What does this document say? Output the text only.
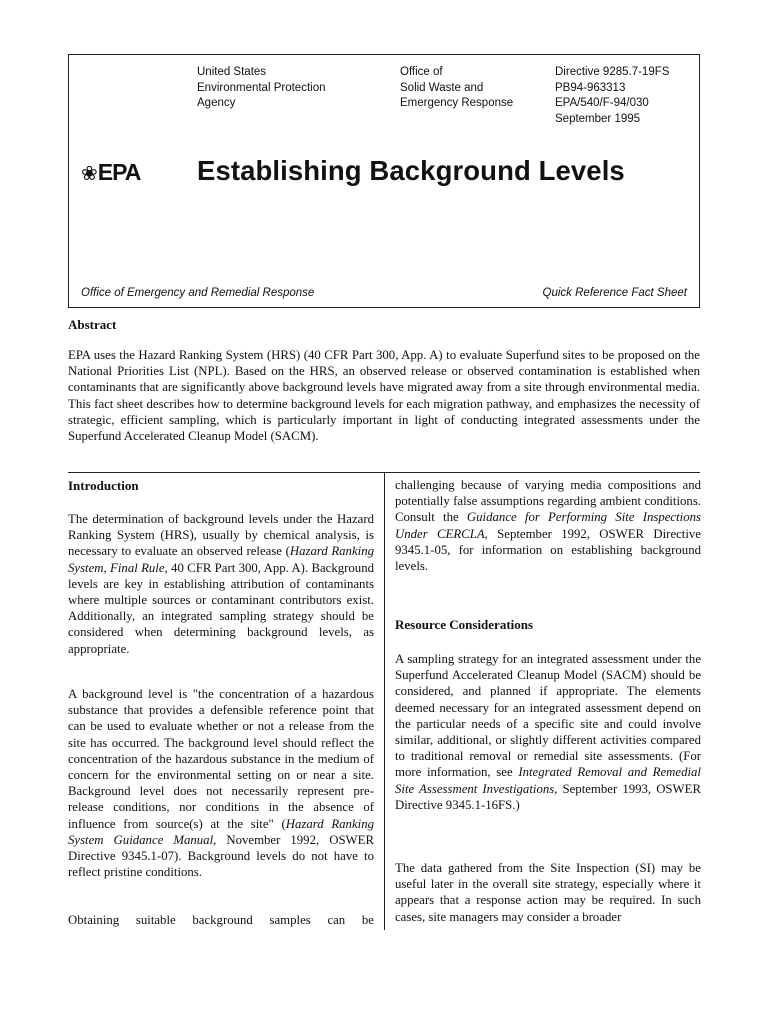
United States
Environmental Protection
Agency
Office of
Solid Waste and
Emergency Response
Directive 9285.7-19FS
PB94-963313
EPA/540/F-94/030
September 1995
❀EPA Establishing Background Levels
Office of Emergency and Remedial Response	Quick Reference Fact Sheet
Abstract

EPA uses the Hazard Ranking System (HRS) (40 CFR Part 300, App. A) to evaluate Superfund sites to be proposed on the National Priorities List (NPL). Based on the HRS, an observed release or observed contamination is established when contaminants that are significantly above background levels have migrated away from a site through environmental media. This fact sheet describes how to determine background levels for each migration pathway, and emphasizes the necessity of strategic, efficient sampling, which is particularly important in light of conducting integrated assessments under the Superfund Accelerated Cleanup Model (SACM).

Introduction

The determination of background levels under the Hazard Ranking System (HRS), usually by chemical analysis, is necessary to evaluate an observed release (Hazard Ranking System, Final Rule, 40 CFR Part 300, App. A). Background levels are key in establishing attribution of contaminants where multiple sources or contaminant contributors exist. Additionally, an integrated sampling strategy should be considered when determining background levels, as appropriate.

A background level is "the concentration of a hazardous substance that provides a defensible reference point that can be used to evaluate whether or not a release from the site has occurred. The background level should reflect the concentration of the hazardous substance in the medium of concern for the environmental setting on or near a site. Background level does not necessarily represent pre-release conditions, nor conditions in the absence of influence from source(s) at the site" (Hazard Ranking System Guidance Manual, November 1992, OSWER Directive 9345.1-07). Background levels do not have to reflect pristine conditions.

Obtaining suitable background samples can be

challenging because of varying media compositions and potentially false assumptions regarding ambient conditions. Consult the Guidance for Performing Site Inspections Under CERCLA, September 1992, OSWER Directive 9345.1-05, for information on establishing background levels.

Resource Considerations

A sampling strategy for an integrated assessment under the Superfund Accelerated Cleanup Model (SACM) should be considered, and planned if appropriate. The elements deemed necessary for an integrated assessment depend on the particular needs of a specific site and could involve similar, additional, or slightly different activities compared to traditional removal or remedial site assessments. (For more information, see Integrated Removal and Remedial Site Assessment Investigations, September 1993, OSWER Directive 9345.1-16FS.)

The data gathered from the Site Inspection (SI) may be useful later in the overall site strategy, especially where it appears that a response action may be required. In such cases, site managers may consider a broader
